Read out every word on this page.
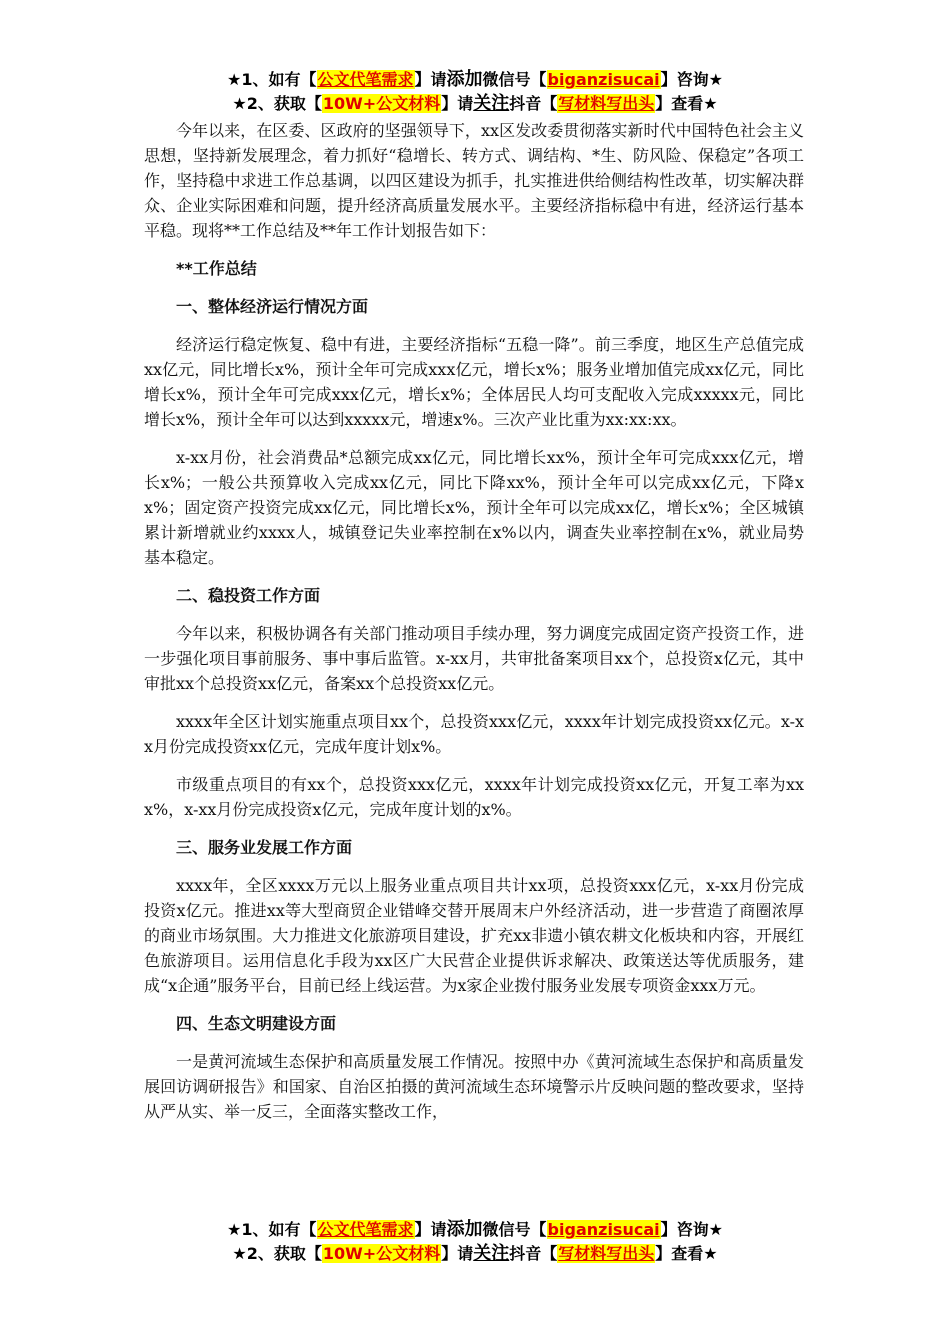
★1、如有【公文代笔需求】请添加微信号【biganzisucai】咨询★
★2、获取【10W+公文材料】请关注抖音【写材料写出头】查看★

今年以来，在区委、区政府的坚强领导下，xx区发改委贯彻落实新时代中国特色社会主义思想，坚持新发展理念，着力抓好“稳增长、转方式、调结构、*生、防风险、保稳定”各项工作，坚持稳中求进工作总基调，以四区建设为抓手，扎实推进供给侧结构性改革，切实解决群众、企业实际困难和问题，提升经济高质量发展水平。主要经济指标稳中有进，经济运行基本平稳。现将**工作总结及**年工作计划报告如下：

**工作总结

一、整体经济运行情况方面

经济运行稳定恢复、稳中有进，主要经济指标“五稳一降”。前三季度，地区生产总值完成xx亿元，同比增长x%，预计全年可完成xxx亿元，增长x%；服务业增加值完成xx亿元，同比增长x%，预计全年可完成xxx亿元，增长x%；全体居民人均可支配收入完成xxxxx元，同比增长x%，预计全年可以达到xxxxx元，增速x%。三次产业比重为xx:xx:xx。

x-xx月份，社会消费品*总额完成xx亿元，同比增长xx%，预计全年可完成xxx亿元，增长x%；一般公共预算收入完成xx亿元，同比下降xx%，预计全年可以完成xx亿元，下降xx%；固定资产投资完成xx亿元，同比增长x%，预计全年可以完成xx亿，增长x%；全区城镇累计新增就业约xxxx人，城镇登记失业率控制在x%以内，调查失业率控制在x%，就业局势基本稳定。

二、稳投资工作方面

今年以来，积极协调各有关部门推动项目手续办理，努力调度完成固定资产投资工作，进一步强化项目事前服务、事中事后监管。x-xx月，共审批备案项目xx个，总投资x亿元，其中审批xx个总投资xx亿元，备案xx个总投资xx亿元。

xxxx年全区计划实施重点项目xx个，总投资xxx亿元，xxxx年计划完成投资xx亿元。x-xx月份完成投资xx亿元，完成年度计划x%。

市级重点项目的有xx个，总投资xxx亿元，xxxx年计划完成投资xx亿元，开复工率为xxx%，x-xx月份完成投资x亿元，完成年度计划的x%。

三、服务业发展工作方面

xxxx年，全区xxxx万元以上服务业重点项目共计xx项，总投资xxx亿元，x-xx月份完成投资x亿元。推进xx等大型商贸企业错峰交替开展周末户外经济活动，进一步营造了商圈浓厚的商业市场氛围。大力推进文化旅游项目建设，扩充xx非遗小镇农耕文化板块和内容，开展红色旅游项目。运用信息化手段为xx区广大民营企业提供诉求解决、政策送达等优质服务，建成“x企通”服务平台，目前已经上线运营。为x家企业拨付服务业发展专项资金xxx万元。

四、生态文明建设方面

一是黄河流域生态保护和高质量发展工作情况。按照中办《黄河流域生态保护和高质量发展回访调研报告》和国家、自治区拍摄的黄河流域生态环境警示片反映问题的整改要求，坚持从严从实、举一反三，全面落实整改工作，

★1、如有【公文代笔需求】请添加微信号【biganzisucai】咨询★
★2、获取【10W+公文材料】请关注抖音【写材料写出头】查看★
